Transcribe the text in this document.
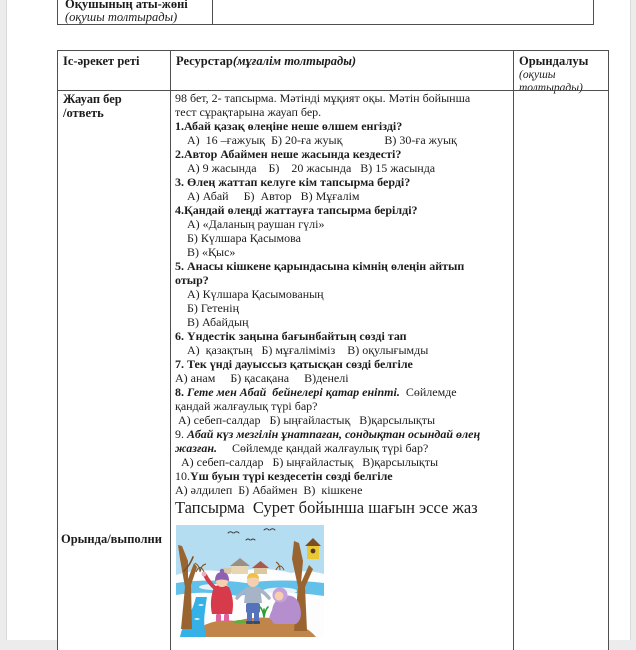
Оқушының аты-жөні
(оқушы толтырады)
Іс-әрекет реті
Жауап бер
/ответь
Орында/выполни
Ресурстар(мұғалім толтырады)
98 бет, 2- тапсырма. Мәтінді мұқият оқы. Мәтін бойынша
тест сұрақтарына жауап бер.
1.Абай қазақ өлеңіне неше өлшем енгізді?
А)  16 –ғажуық  Б) 20-ға жуық              В) 30-ға жуық
2.Автор Абаймен неше жасында кездесті?
А) 9 жасында    Б)    20 жасында   В) 15 жасында
3. Өлең жаттап келуге кім тапсырма берді?
А) Абай     Б)  Автор   В) Мұғалім
4.Қандай өлеңді жаттауға тапсырма берілді?
А) «Даланың раушан гүлі»
Б) Күлшара Қасымова
В) «Қыс»
5. Анасы кішкене қарындасына кімнің өлеңін айтып
отыр?
А) Күлшара Қасымованың
Б) Гетенің
В) Абайдың
6. Үндестік заңына бағынбайтың сөзді тап
А)  қазақтың   Б) мұғаліміміз    В) оқулығымды
7. Тек үнді дауыссыз қатысқан сөзді белгіле
А) анам     Б) қасақана     В)денелі
8. Гете мен Абай  бейнелері қатар еніпті.  Сөйлемде
қандай жалғаулық түрі бар?
А) себеп-салдар   Б) ыңғайластық   В)қарсылықты
9. Абай күз мезгілін ұнатпаған, сондықтан осындай өлең
жазған.     Сөйлемде қандай жалғаулық түрі бар?
А) себеп-салдар   Б) ыңғайластық   В)қарсылықты
10.Үш буын түрі кездесетін сөзді белгіле
А) әлдилеп  Б) Абаймен  В)  кішкене
Тапсырма  Сурет бойынша шағын эссе жаз
Орындалуы
(оқушы
толтырады)
